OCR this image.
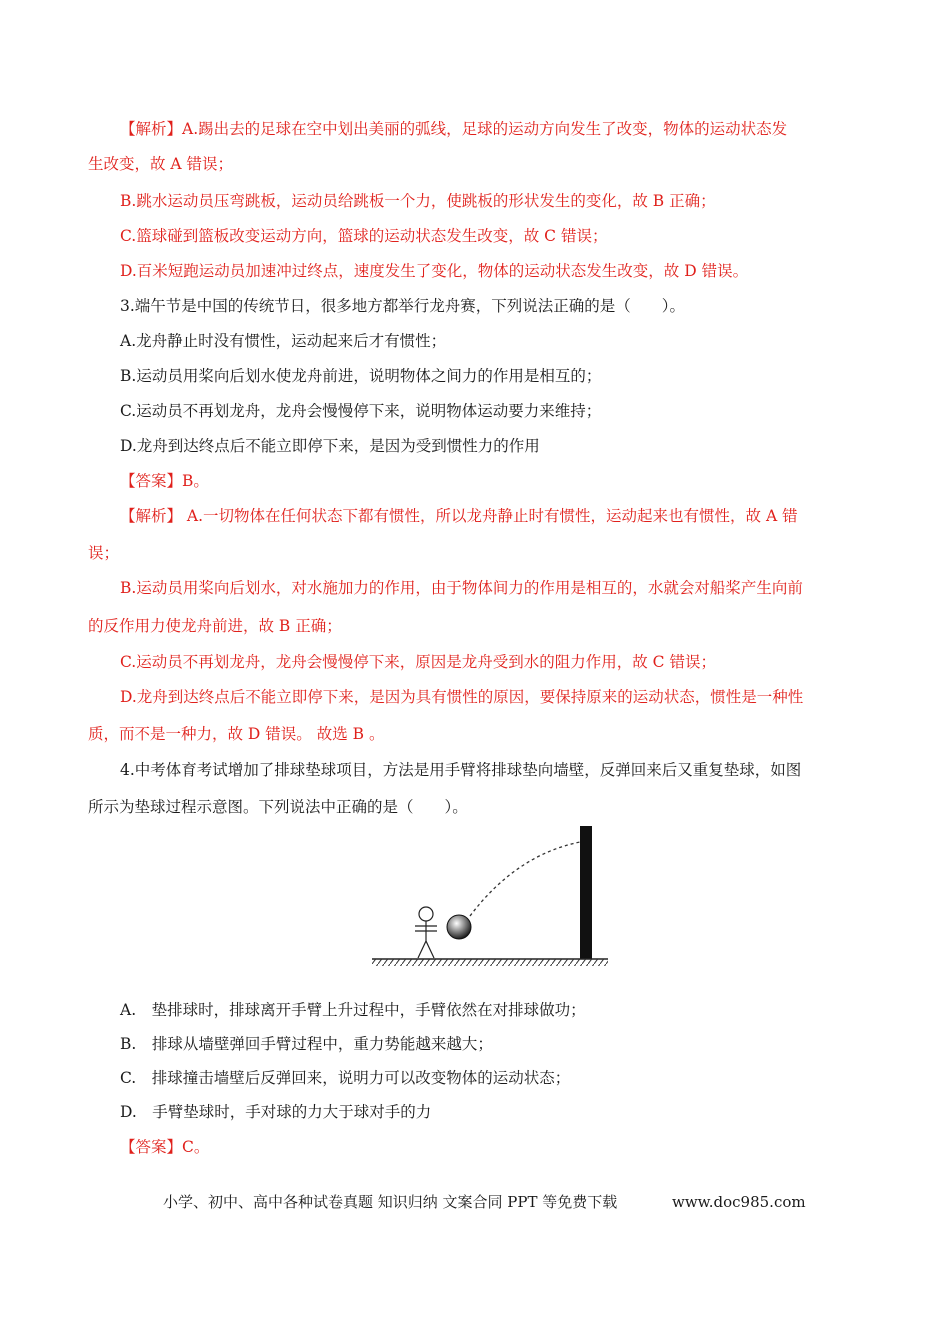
【解析】A.踢出去的足球在空中划出美丽的弧线，足球的运动方向发生了改变，物体的运动状态发
生改变，故 A 错误；
B.跳水运动员压弯跳板，运动员给跳板一个力，使跳板的形状发生的变化，故 B 正确；
C.篮球碰到篮板改变运动方向，篮球的运动状态发生改变，故 C 错误；
D.百米短跑运动员加速冲过终点，速度发生了变化，物体的运动状态发生改变，故 D 错误。
3.端午节是中国的传统节日，很多地方都举行龙舟赛，下列说法正确的是（　　）。
A.龙舟静止时没有惯性，运动起来后才有惯性；
B.运动员用桨向后划水使龙舟前进，说明物体之间力的作用是相互的；
C.运动员不再划龙舟，龙舟会慢慢停下来，说明物体运动要力来维持；
D.龙舟到达终点后不能立即停下来，是因为受到惯性力的作用
【答案】B。
【解析】 A.一切物体在任何状态下都有惯性，所以龙舟静止时有惯性，运动起来也有惯性，故 A 错
误；
B.运动员用桨向后划水，对水施加力的作用，由于物体间力的作用是相互的，水就会对船桨产生向前
的反作用力使龙舟前进，故 B 正确；
C.运动员不再划龙舟，龙舟会慢慢停下来，原因是龙舟受到水的阻力作用，故 C 错误；
D.龙舟到达终点后不能立即停下来，是因为具有惯性的原因，要保持原来的运动状态，惯性是一种性
质，而不是一种力，故 D 错误。 故选 B 。
4.中考体育考试增加了排球垫球项目，方法是用手臂将排球垫向墙壁，反弹回来后又重复垫球，如图
所示为垫球过程示意图。下列说法中正确的是（　　）。
A.　垫排球时，排球离开手臂上升过程中，手臂依然在对排球做功；
B.　排球从墙壁弹回手臂过程中，重力势能越来越大；
C.　排球撞击墙壁后反弹回来，说明力可以改变物体的运动状态；
D.　手臂垫球时，手对球的力大于球对手的力
【答案】C。
小学、初中、高中各种试卷真题 知识归纳 文案合同 PPT 等免费下载	www.doc985.com
